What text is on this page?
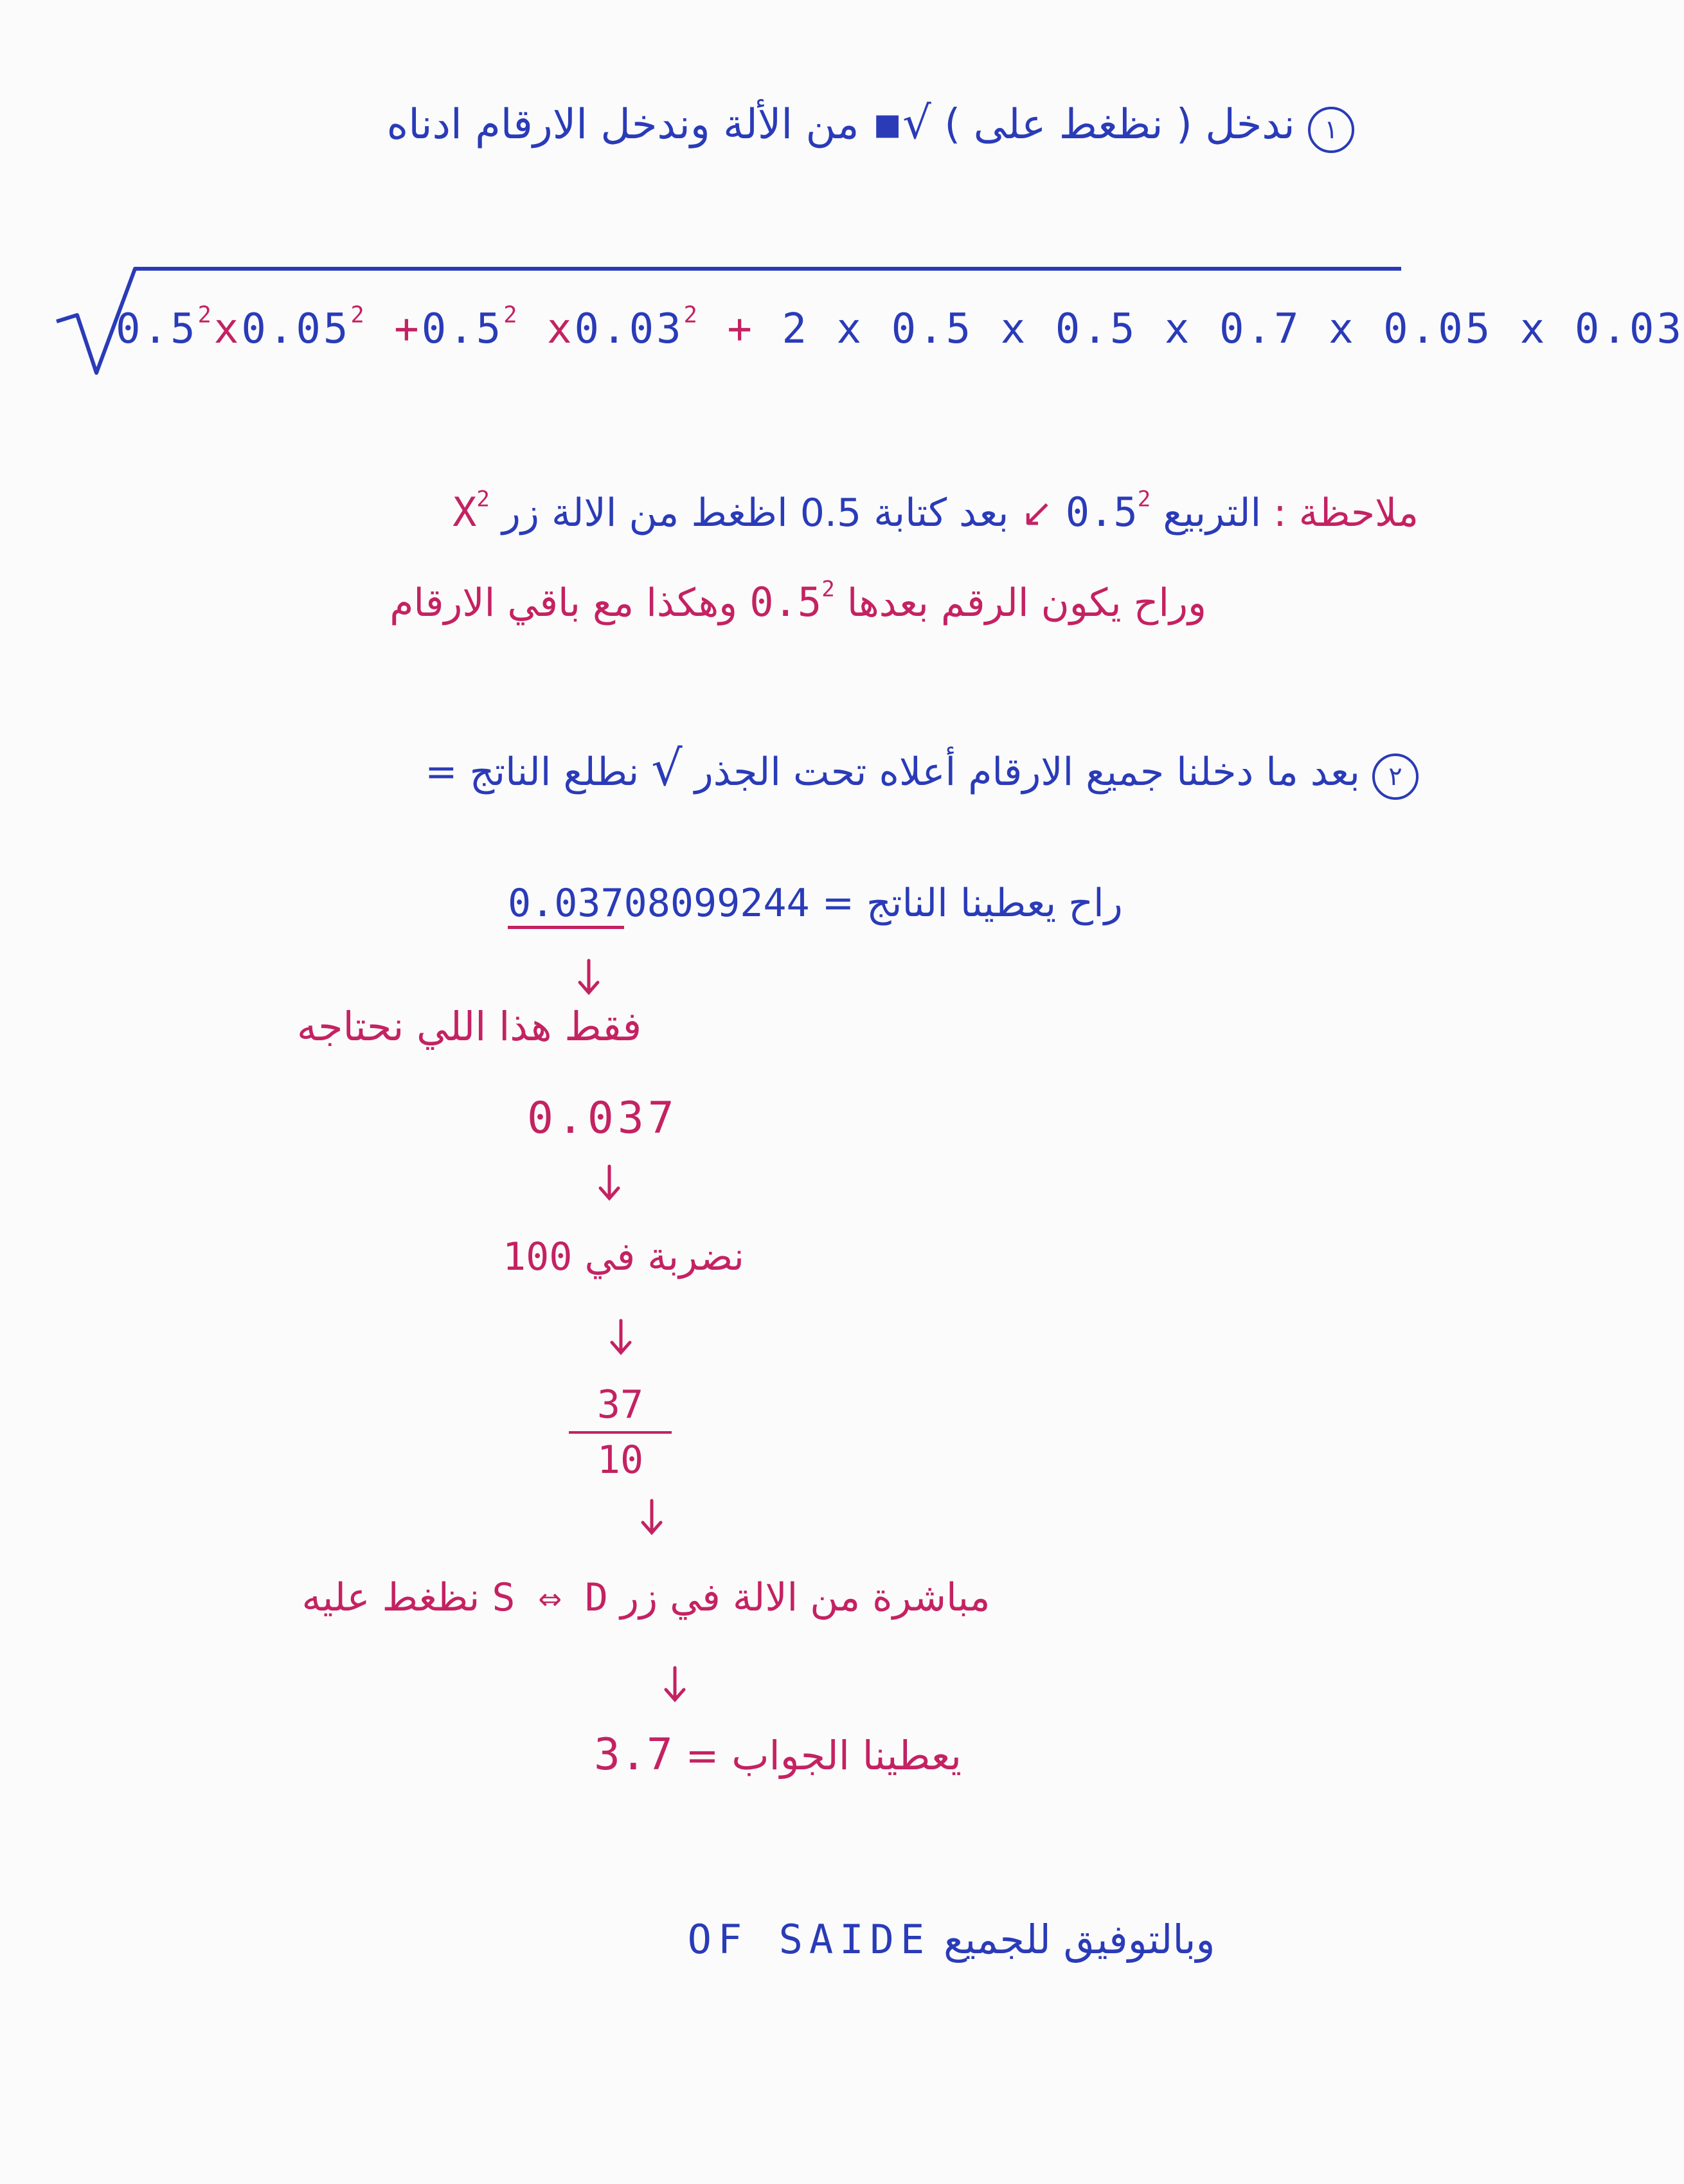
١ ندخل ( نظغط على ) √▪ من الألة وندخل الارقام ادناه
$0.5^2x0.05^2 +0.5^2$ $x0.03^2 + 2$ x 0.5 x 0.5 x 0.7 x 0.05 x 0.03
ملاحظة : التربيع $0.5^2$ ↙ بعد كتابة 0.5 اظغط من الالة زر $X^2$
وراح يكون الرقم بعدها $0.5^2$ وهكذا مع باقي الارقام
٢ بعد ما دخلنا جميع الارقام أعلاه تحت الجذر √ نطلع الناتج =
راح يعطينا الناتج = 0.03708099244
فقط هذا اللي نحتاجه
0.037
نضربة في 100
37
10
مباشرة من الالة في زر S ⇔ D نظغط عليه
يعطينا الجواب = 3.7
وبالتوفيق للجميع OF SAIDE
